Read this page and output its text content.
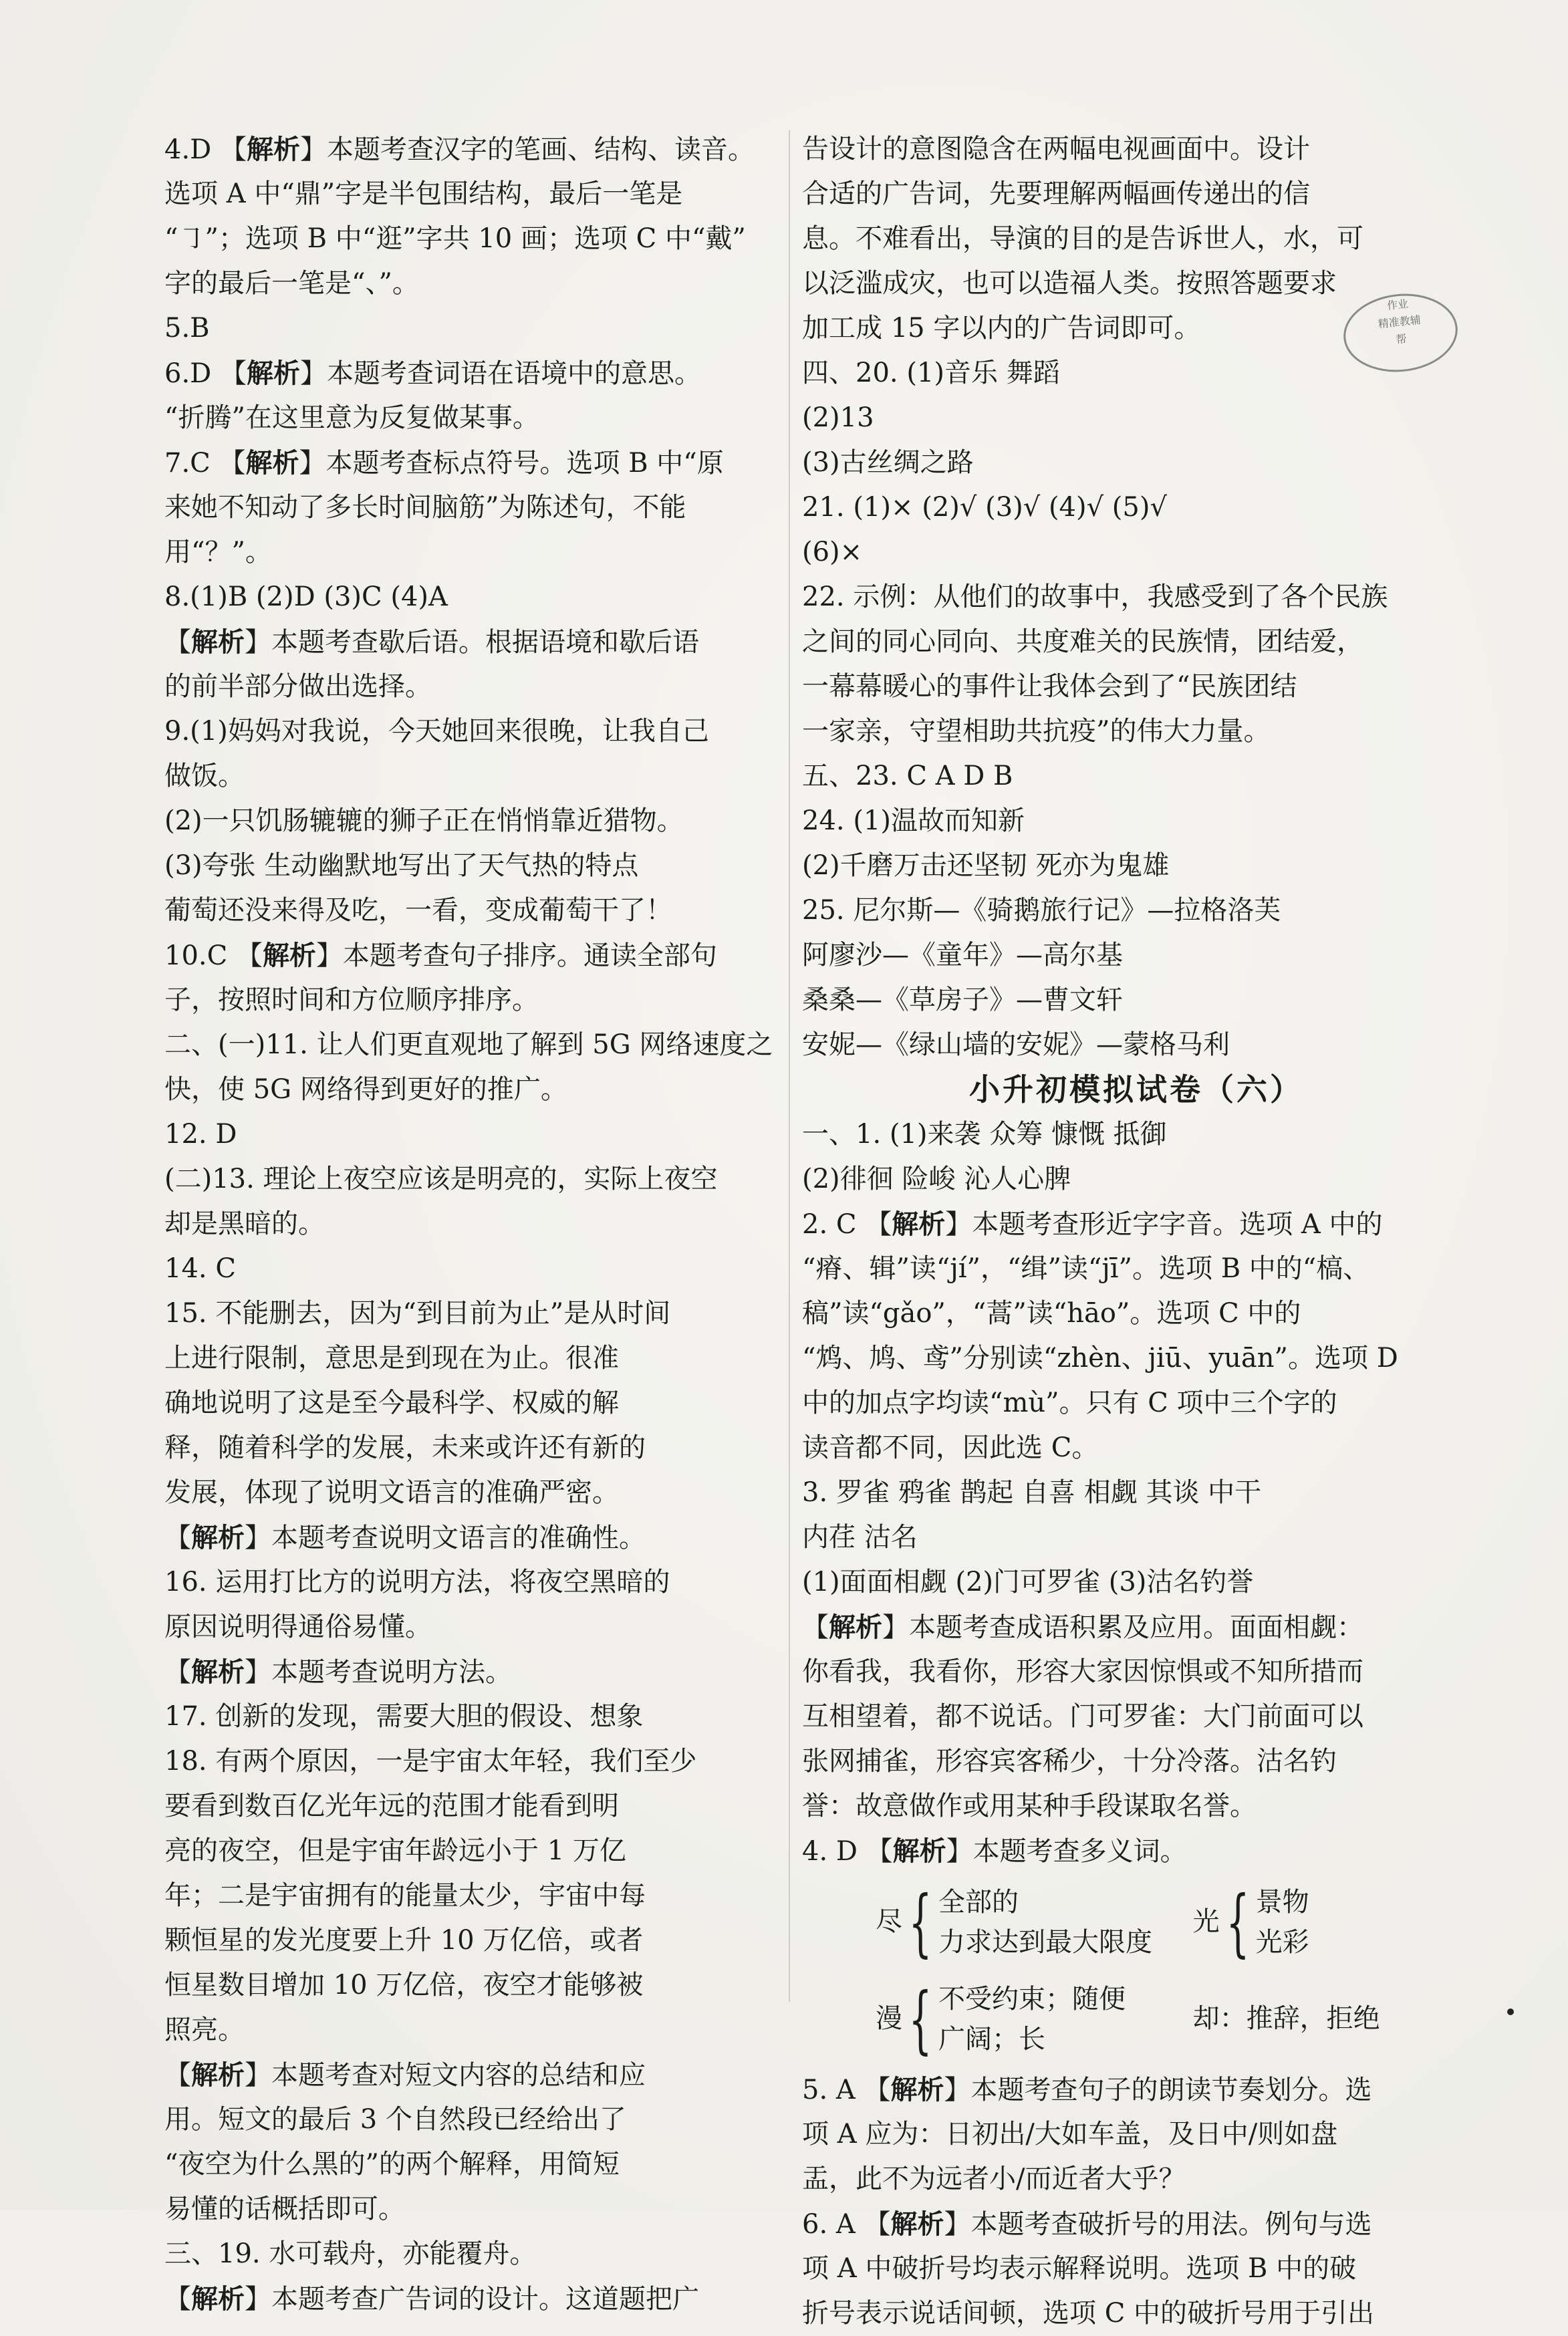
4.D 【解析】本题考查汉字的笔画、结构、读音。
选项 A 中“鼎”字是半包围结构，最后一笔是
“㇆”；选项 B 中“逛”字共 10 画；选项 C 中“戴”
字的最后一笔是“、”。
5.B
6.D 【解析】本题考查词语在语境中的意思。
“折腾”在这里意为反复做某事。
7.C 【解析】本题考查标点符号。选项 B 中“原
来她不知动了多长时间脑筋”为陈述句，不能
用“？”。
8.(1)B (2)D (3)C (4)A
【解析】本题考查歇后语。根据语境和歇后语
的前半部分做出选择。
9.(1)妈妈对我说，今天她回来很晚，让我自己
做饭。
(2)一只饥肠辘辘的狮子正在悄悄靠近猎物。
(3)夸张 生动幽默地写出了天气热的特点
葡萄还没来得及吃，一看，变成葡萄干了！
10.C 【解析】本题考查句子排序。通读全部句
子，按照时间和方位顺序排序。
二、(一)11. 让人们更直观地了解到 5G 网络速度之
快，使 5G 网络得到更好的推广。
12. D
(二)13. 理论上夜空应该是明亮的，实际上夜空
却是黑暗的。
14. C
15. 不能删去，因为“到目前为止”是从时间
上进行限制，意思是到现在为止。很准
确地说明了这是至今最科学、权威的解
释，随着科学的发展，未来或许还有新的
发展，体现了说明文语言的准确严密。
【解析】本题考查说明文语言的准确性。
16. 运用打比方的说明方法，将夜空黑暗的
原因说明得通俗易懂。
【解析】本题考查说明方法。
17. 创新的发现，需要大胆的假设、想象
18. 有两个原因，一是宇宙太年轻，我们至少
要看到数百亿光年远的范围才能看到明
亮的夜空，但是宇宙年龄远小于 1 万亿
年；二是宇宙拥有的能量太少，宇宙中每
颗恒星的发光度要上升 10 万亿倍，或者
恒星数目增加 10 万亿倍，夜空才能够被
照亮。
【解析】本题考查对短文内容的总结和应
用。短文的最后 3 个自然段已经给出了
“夜空为什么黑的”的两个解释，用简短
易懂的话概括即可。
三、19. 水可载舟，亦能覆舟。
【解析】本题考查广告词的设计。这道题把广
告设计的意图隐含在两幅电视画面中。设计
合适的广告词，先要理解两幅画传递出的信
息。不难看出，导演的目的是告诉世人，水，可
以泛滥成灾，也可以造福人类。按照答题要求
加工成 15 字以内的广告词即可。
四、20. (1)音乐 舞蹈
(2)13
(3)古丝绸之路
21. (1)× (2)√ (3)√ (4)√ (5)√
(6)×
22. 示例：从他们的故事中，我感受到了各个民族
之间的同心同向、共度难关的民族情，团结爱，
一幕幕暖心的事件让我体会到了“民族团结
一家亲，守望相助共抗疫”的伟大力量。
五、23. C A D B
24. (1)温故而知新
(2)千磨万击还坚韧 死亦为鬼雄
25. 尼尔斯—《骑鹅旅行记》—拉格洛芙
阿廖沙—《童年》—高尔基
桑桑—《草房子》—曹文轩
安妮—《绿山墙的安妮》—蒙格马利
小升初模拟试卷（六）
一、1. (1)来袭 众筹 慷慨 抵御
(2)徘徊 险峻 沁人心脾
2. C 【解析】本题考查形近字字音。选项 A 中的
“瘠、辑”读“jí”，“缉”读“jī”。选项 B 中的“槁、
稿”读“gǎo”，“蒿”读“hāo”。选项 C 中的
“鸩、鸠、鸢”分别读“zhèn、jiū、yuān”。选项 D
中的加点字均读“mù”。只有 C 项中三个字的
读音都不同，因此选 C。
3. 罗雀 鸦雀 鹊起 自喜 相觑 其谈 中干
内荏 沽名
(1)面面相觑 (2)门可罗雀 (3)沽名钓誉
【解析】本题考查成语积累及应用。面面相觑：
你看我，我看你，形容大家因惊惧或不知所措而
互相望着，都不说话。门可罗雀：大门前面可以
张网捕雀，形容宾客稀少，十分冷落。沽名钓
誉：故意做作或用某种手段谋取名誉。
4. D 【解析】本题考查多义词。
尽 { 全部的
力求达到最大限度
光 { 景物
光彩
漫 { 不受约束；随便
广阔；长
却：推辞，拒绝
5. A 【解析】本题考查句子的朗读节奏划分。选
项 A 应为：日初出/大如车盖，及日中/则如盘
盂，此不为远者小/而近者大乎？
6. A 【解析】本题考查破折号的用法。例句与选
项 A 中破折号均表示解释说明。选项 B 中的破
折号表示说话间顿，选项 C 中的破折号用于引出
作业
精准教辅
帮
